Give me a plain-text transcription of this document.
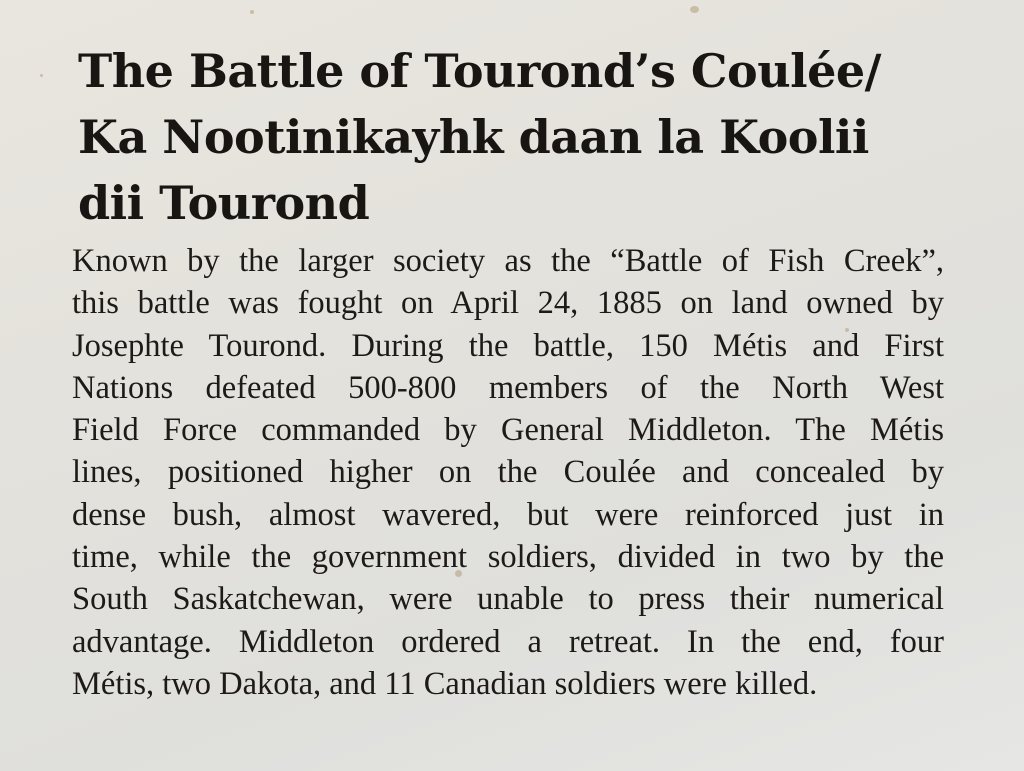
The Battle of Tourond’s Coulée/
Ka Nootinikayhk daan la Koolii
dii Tourond

Known by the larger society as the “Battle of Fish Creek”,
this battle was fought on April 24, 1885 on land owned by
Josephte Tourond. During the battle, 150 Métis and First
Nations defeated 500-800 members of the North West
Field Force commanded by General Middleton. The Métis
lines, positioned higher on the Coulée and concealed by
dense bush, almost wavered, but were reinforced just in
time, while the government soldiers, divided in two by the
South Saskatchewan, were unable to press their numerical
advantage. Middleton ordered a retreat. In the end, four
Métis, two Dakota, and 11 Canadian soldiers were killed.
